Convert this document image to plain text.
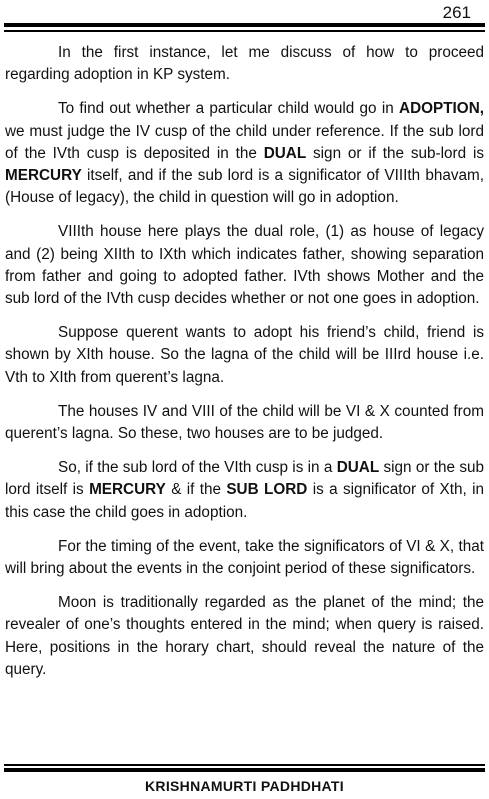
261

In the first instance, let me discuss of how to proceed regarding adoption in KP system.

To find out whether a particular child would go in ADOPTION, we must judge the IV cusp of the child under reference. If the sub lord of the IVth cusp is deposited in the DUAL sign or if the sub-lord is MERCURY itself, and if the sub lord is a significator of VIIIth bhavam, (House of legacy), the child in question will go in adoption.

VIIIth house here plays the dual role, (1) as house of legacy and (2) being XIIth to IXth which indicates father, showing separation from father and going to adopted father. IVth shows Mother and the sub lord of the IVth cusp decides whether or not one goes in adoption.

Suppose querent wants to adopt his friend’s child, friend is shown by XIth house. So the lagna of the child will be IIIrd house i.e. Vth to XIth from querent’s lagna.

The houses IV and VIII of the child will be VI & X counted from querent’s lagna. So these, two houses are to be judged.

So, if the sub lord of the VIth cusp is in a DUAL sign or the sub lord itself is MERCURY & if the SUB LORD is a significator of Xth, in this case the child goes in adoption.

For the timing of the event, take the significators of VI & X, that will bring about the events in the conjoint period of these significators.

Moon is traditionally regarded as the planet of the mind; the revealer of one’s thoughts entered in the mind; when query is raised. Here, positions in the horary chart, should reveal the nature of the query.

KRISHNAMURTI PADHDHATI
